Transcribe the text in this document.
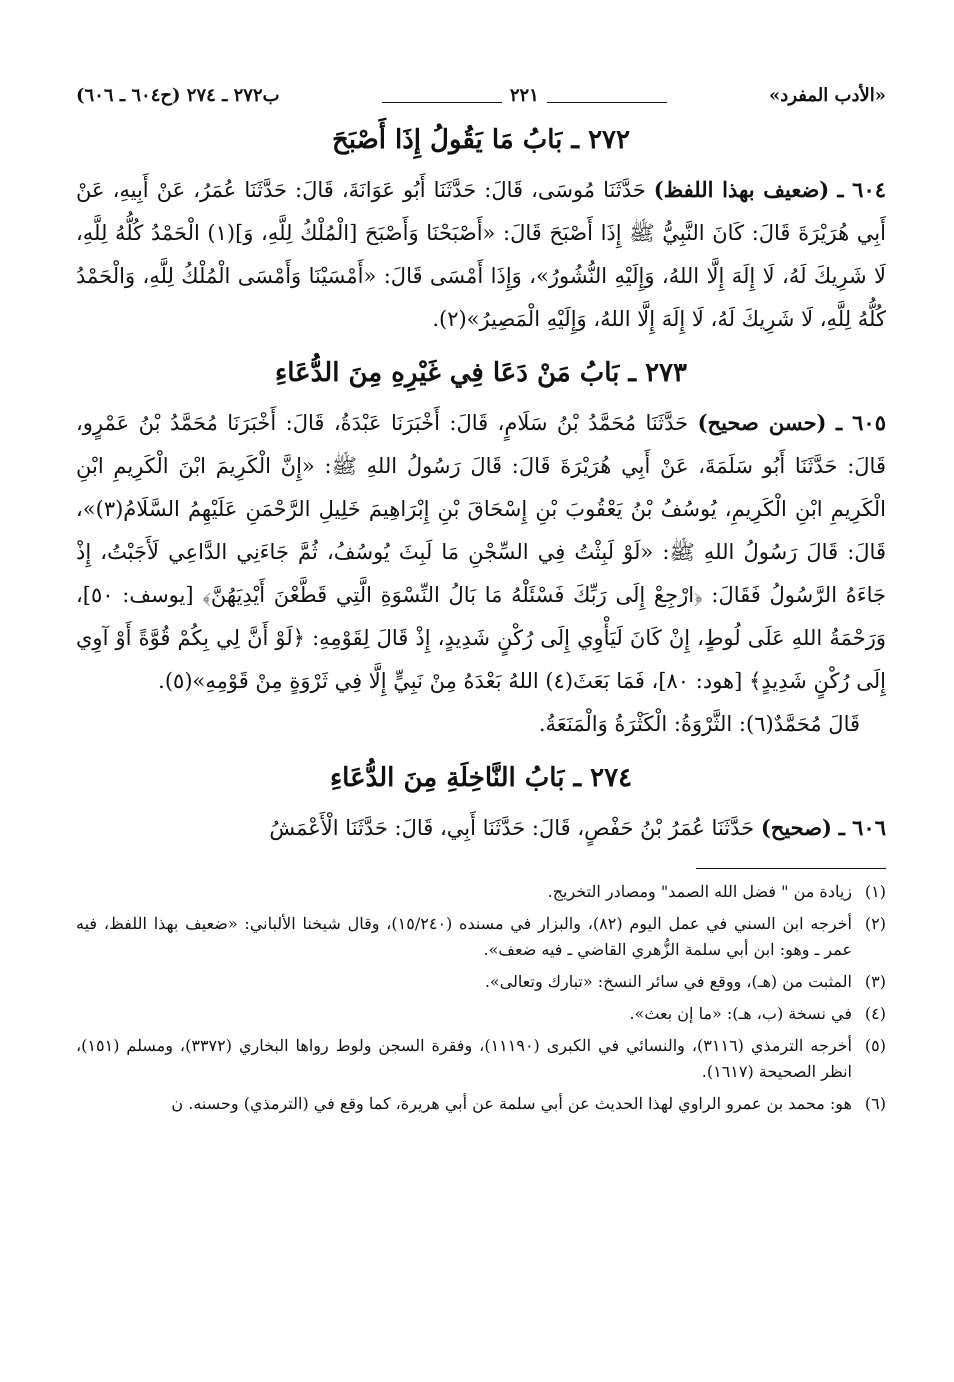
«الأدب المفرد»
٢٢١
ب٢٧٢ ـ ٢٧٤ (ح٦٠٤ ـ ٦٠٦)
٢٧٢ ـ بَابُ مَا يَقُولُ إِذَا أَصْبَحَ
٦٠٤ ـ (ضعيف بهذا اللفظ) حَدَّثَنَا مُوسَى، قَالَ: حَدَّثَنَا أَبُو عَوَانَةَ، قَالَ: حَدَّثَنَا عُمَرُ، عَنْ أَبِيهِ، عَنْ أَبِي هُرَيْرَةَ قَالَ: كَانَ النَّبِيُّ ﷺ إِذَا أَصْبَحَ قَالَ: «أَصْبَحْنَا وَأَصْبَحَ [الْمُلْكُ لِلَّهِ، وَ](١) الْحَمْدُ كُلُّهُ لِلَّهِ، لَا شَرِيكَ لَهُ، لَا إِلَهَ إِلَّا اللهُ، وَإِلَيْهِ النُّشُورُ»، وَإِذَا أَمْسَى قَالَ: «أَمْسَيْنَا وَأَمْسَى الْمُلْكُ لِلَّهِ، وَالْحَمْدُ كُلُّهُ لِلَّهِ، لَا شَرِيكَ لَهُ، لَا إِلَهَ إِلَّا اللهُ، وَإِلَيْهِ الْمَصِيرُ»(٢).
٢٧٣ ـ بَابُ مَنْ دَعَا فِي غَيْرِهِ مِنَ الدُّعَاءِ
٦٠٥ ـ (حسن صحيح) حَدَّثَنَا مُحَمَّدُ بْنُ سَلَامٍ، قَالَ: أَخْبَرَنَا عَبْدَةُ، قَالَ: أَخْبَرَنَا مُحَمَّدُ بْنُ عَمْرٍو، قَالَ: حَدَّثَنَا أَبُو سَلَمَةَ، عَنْ أَبِي هُرَيْرَةَ قَالَ: قَالَ رَسُولُ اللهِ ﷺ: «إِنَّ الْكَرِيمَ ابْنَ الْكَرِيمِ ابْنِ الْكَرِيمِ ابْنِ الْكَرِيمِ، يُوسُفُ بْنُ يَعْقُوبَ بْنِ إِسْحَاقَ بْنِ إِبْرَاهِيمَ خَلِيلِ الرَّحْمَنِ عَلَيْهِمُ السَّلَامُ(٣)»، قَالَ: قَالَ رَسُولُ اللهِ ﷺ: «لَوْ لَبِثْتُ فِي السِّجْنِ مَا لَبِثَ يُوسُفُ، ثُمَّ جَاءَنِي الدَّاعِي لَأَجَبْتُ، إِذْ جَاءَهُ الرَّسُولُ فَقَالَ: ﴿ارْجِعْ إِلَى رَبِّكَ فَسْئَلْهُ مَا بَالُ النِّسْوَةِ الَّتِي قَطَّعْنَ أَيْدِيَهُنَّ﴾ [يوسف: ٥٠]، وَرَحْمَةُ اللهِ عَلَى لُوطٍ، إِنْ كَانَ لَيَأْوِي إِلَى رُكْنٍ شَدِيدٍ، إِذْ قَالَ لِقَوْمِهِ: ﴿لَوْ أَنَّ لِي بِكُمْ قُوَّةً أَوْ آوِي إِلَى رُكْنٍ شَدِيدٍ﴾ [هود: ٨٠]، فَمَا بَعَثَ(٤) اللهُ بَعْدَهُ مِنْ نَبِيٍّ إِلَّا فِي ثَرْوَةٍ مِنْ قَوْمِهِ»(٥).
قَالَ مُحَمَّدٌ(٦): الثَّرْوَةُ: الْكَثْرَةُ وَالْمَنَعَةُ.
٢٧٤ ـ بَابُ النَّاخِلَةِ مِنَ الدُّعَاءِ
٦٠٦ ـ (صحيح) حَدَّثَنَا عُمَرُ بْنُ حَفْصٍ، قَالَ: حَدَّثَنَا أَبِي، قَالَ: حَدَّثَنَا الْأَعْمَشُ
(١)
زيادة من " فضل الله الصمد" ومصادر التخريج.
(٢)
أخرجه ابن السني في عمل اليوم (٨٢)، والبزار في مسنده (١٥/٢٤٠)، وقال شيخنا الألباني: «ضعيف بهذا اللفظ، فيه عمر ـ وهو: ابن أبي سلمة الزُّهري القاضي ـ فيه ضعف».
(٣)
المثبت من (هـ)، ووقع في سائر النسخ: «تبارك وتعالى».
(٤)
في نسخة (ب، هـ): «ما إن بعث».
(٥)
أخرجه الترمذي (٣١١٦)، والنسائي في الكبرى (١١١٩٠)، وفقرة السجن ولوط رواها البخاري (٣٣٧٢)، ومسلم (١٥١)، انظر الصحيحة (١٦١٧).
(٦)
هو: محمد بن عمرو الراوي لهذا الحديث عن أبي سلمة عن أبي هريرة، كما وقع في (الترمذي) وحسنه. ن
